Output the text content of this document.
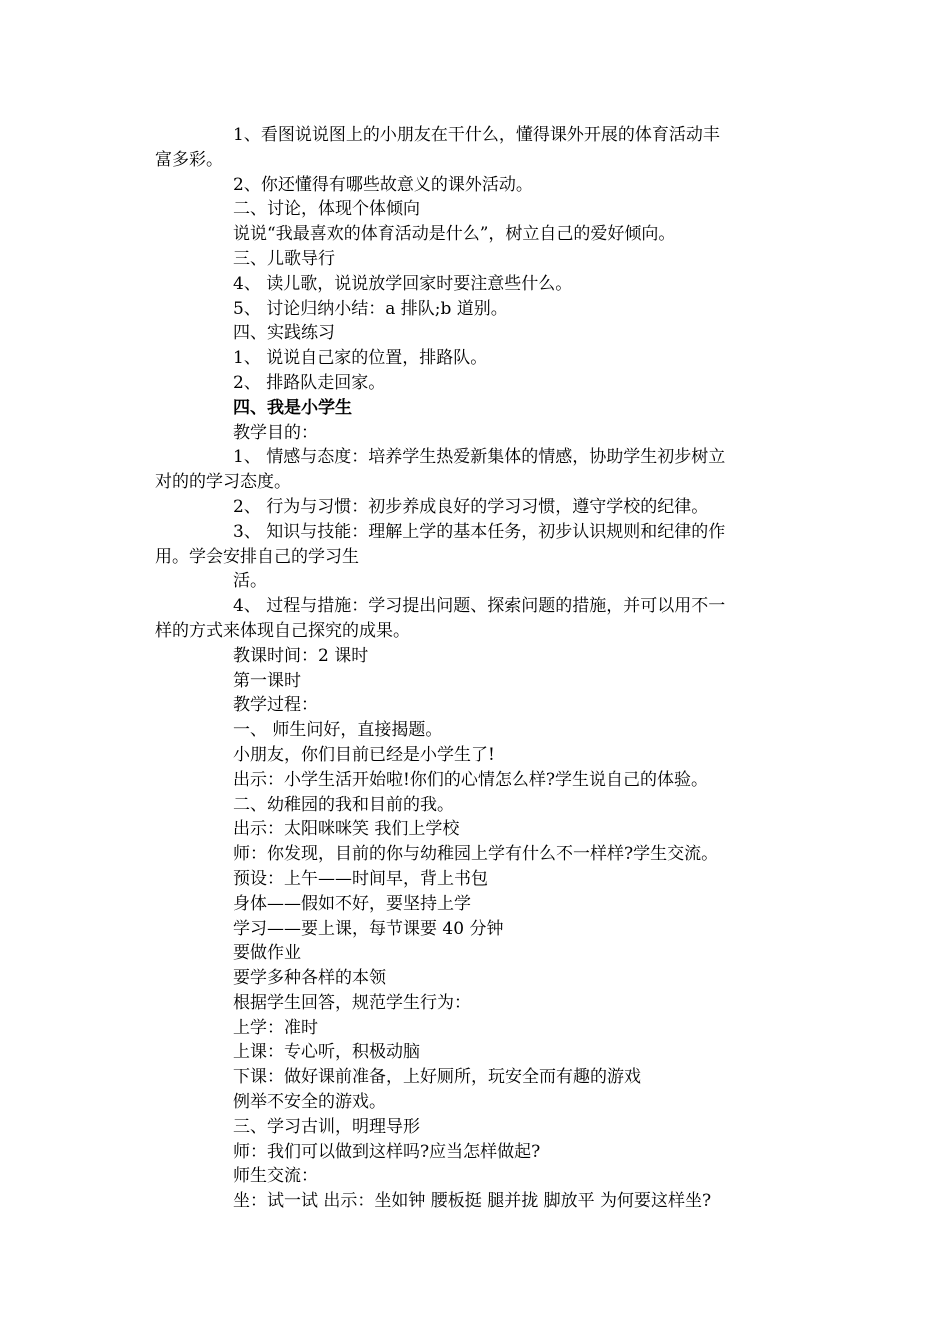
1、看图说说图上的小朋友在干什么，懂得课外开展的体育活动丰

富多彩。

2、你还懂得有哪些故意义的课外活动。

二、讨论，体现个体倾向

说说“我最喜欢的体育活动是什么”，树立自己的爱好倾向。

三、儿歌导行

4、 读儿歌，说说放学回家时要注意些什么。

5、 讨论归纳小结：a 排队;b 道别。

四、实践练习

1、 说说自己家的位置，排路队。

2、 排路队走回家。

四、我是小学生

教学目的：

1、 情感与态度：培养学生热爱新集体的情感，协助学生初步树立

对的的学习态度。

2、 行为与习惯：初步养成良好的学习习惯，遵守学校的纪律。

3、 知识与技能：理解上学的基本任务，初步认识规则和纪律的作

用。学会安排自己的学习生

活。

4、 过程与措施：学习提出问题、探索问题的措施，并可以用不一

样的方式来体现自己探究的成果。

教课时间：2 课时

第一课时

教学过程：

一、 师生问好，直接揭题。

小朋友，你们目前已经是小学生了!

出示：小学生活开始啦!你们的心情怎么样?学生说自己的体验。

二、幼稚园的我和目前的我。

出示：太阳咪咪笑 我们上学校

师：你发现，目前的你与幼稚园上学有什么不一样样?学生交流。

预设：上午——时间早，背上书包

身体——假如不好，要坚持上学

学习——要上课，每节课要 40 分钟

要做作业

要学多种各样的本领

根据学生回答，规范学生行为：

上学：准时

上课：专心听，积极动脑

下课：做好课前准备，上好厕所，玩安全而有趣的游戏

例举不安全的游戏。

三、学习古训，明理导形

师：我们可以做到这样吗?应当怎样做起?

师生交流：

坐：试一试 出示：坐如钟 腰板挺 腿并拢 脚放平 为何要这样坐?
